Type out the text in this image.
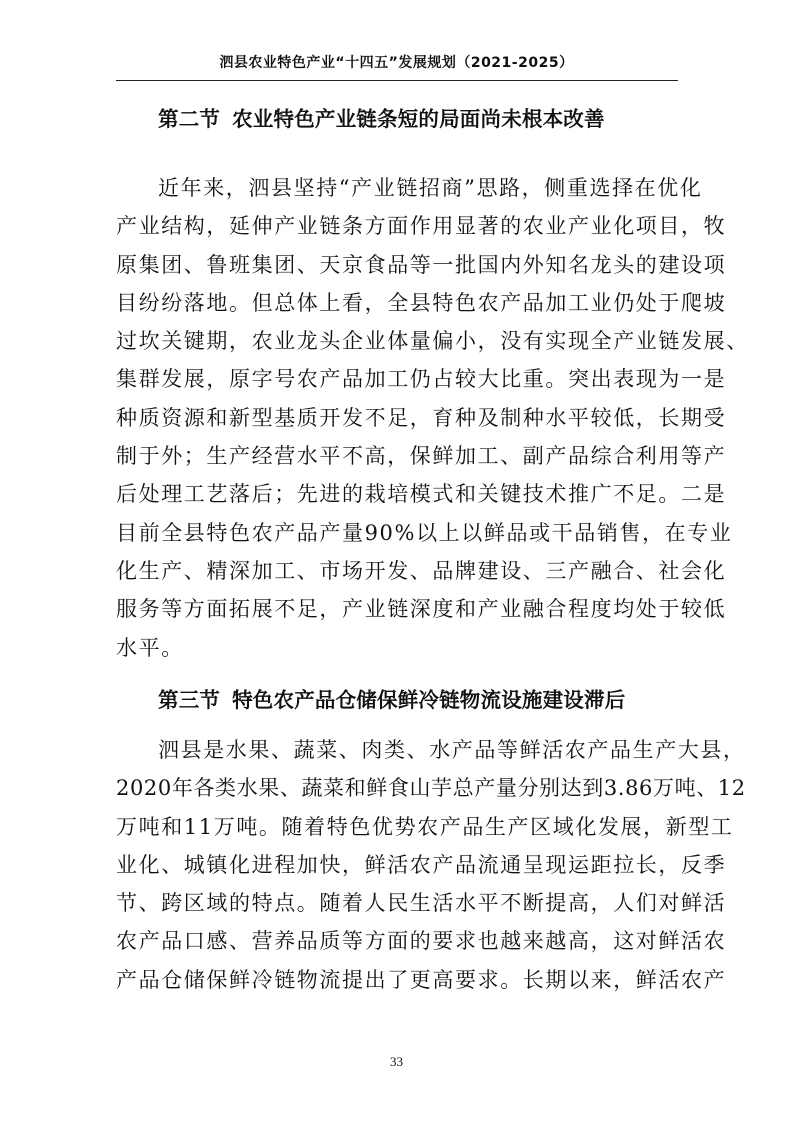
泗县农业特色产业“十四五”发展规划（2021-2025）
第二节 农业特色产业链条短的局面尚未根本改善

近年来，泗县坚持“产业链招商”思路，侧重选择在优化
产业结构，延伸产业链条方面作用显著的农业产业化项目，牧
原集团、鲁班集团、天京食品等一批国内外知名龙头的建设项
目纷纷落地。但总体上看，全县特色农产品加工业仍处于爬坡
过坎关键期，农业龙头企业体量偏小，没有实现全产业链发展、
集群发展，原字号农产品加工仍占较大比重。突出表现为一是
种质资源和新型基质开发不足，育种及制种水平较低，长期受
制于外；生产经营水平不高，保鲜加工、副产品综合利用等产
后处理工艺落后；先进的栽培模式和关键技术推广不足。二是
目前全县特色农产品产量90%以上以鲜品或干品销售，在专业
化生产、精深加工、市场开发、品牌建设、三产融合、社会化
服务等方面拓展不足，产业链深度和产业融合程度均处于较低
水平。

第三节 特色农产品仓储保鲜冷链物流设施建设滞后

泗县是水果、蔬菜、肉类、水产品等鲜活农产品生产大县，
2020年各类水果、蔬菜和鲜食山芋总产量分别达到3.86万吨、12
万吨和11万吨。随着特色优势农产品生产区域化发展，新型工
业化、城镇化进程加快，鲜活农产品流通呈现运距拉长，反季
节、跨区域的特点。随着人民生活水平不断提高，人们对鲜活
农产品口感、营养品质等方面的要求也越来越高，这对鲜活农
产品仓储保鲜冷链物流提出了更高要求。长期以来，鲜活农产

33
